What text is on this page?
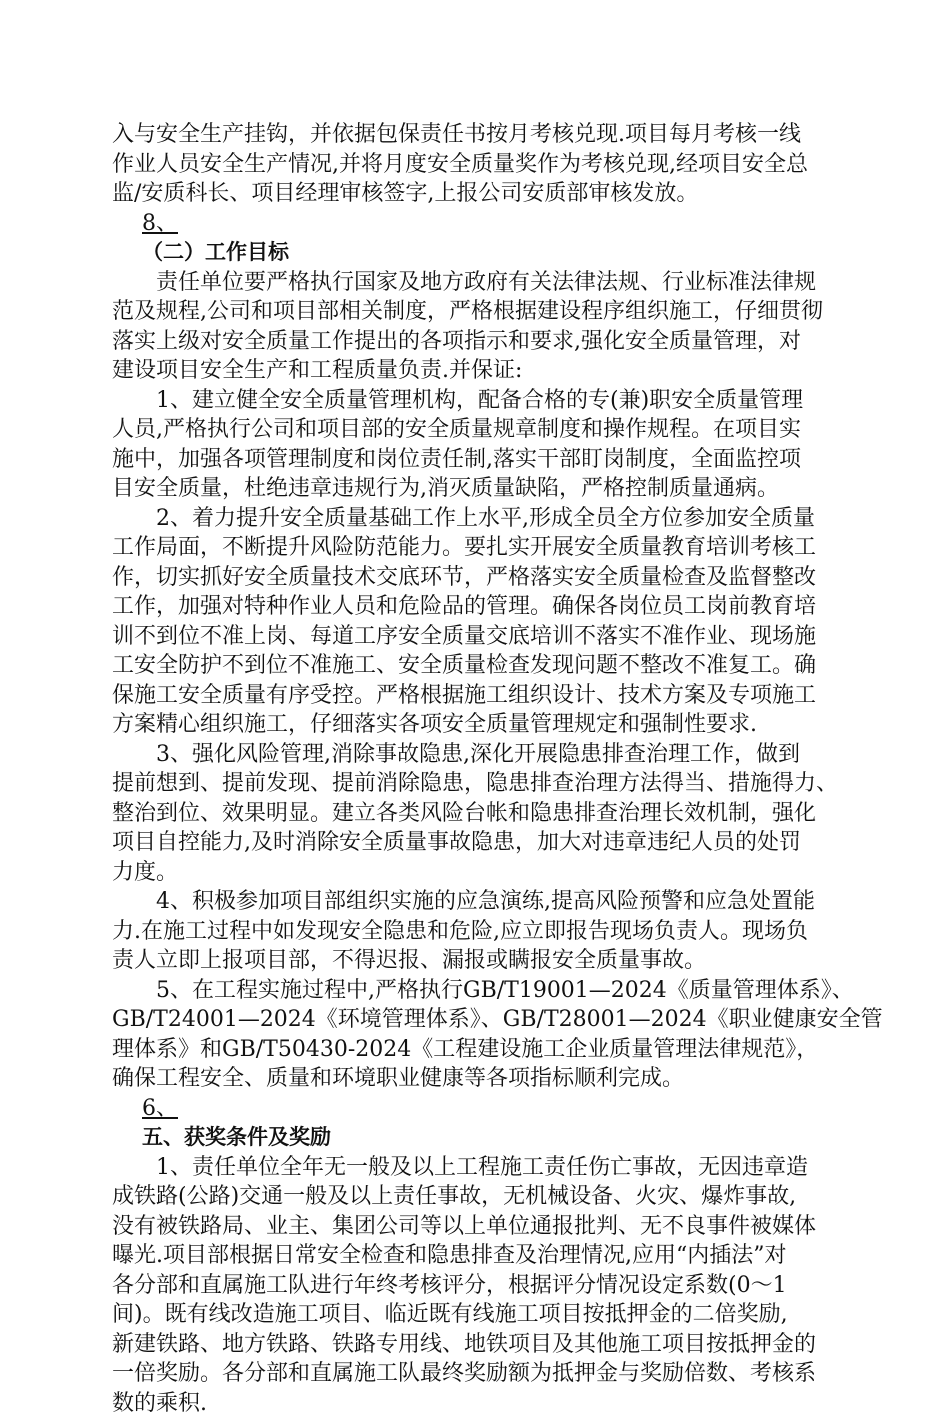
入与安全生产挂钩，并依据包保责任书按月考核兑现.项目每月考核一线
作业人员安全生产情况,并将月度安全质量奖作为考核兑现,经项目安全总
监/安质科长、项目经理审核签字,上报公司安质部审核发放。
8、
（二）工作目标
责任单位要严格执行国家及地方政府有关法律法规、行业标准法律规
范及规程,公司和项目部相关制度，严格根据建设程序组织施工，仔细贯彻
落实上级对安全质量工作提出的各项指示和要求,强化安全质量管理，对
建设项目安全生产和工程质量负责.并保证:
1、建立健全安全质量管理机构，配备合格的专(兼)职安全质量管理
人员,严格执行公司和项目部的安全质量规章制度和操作规程。在项目实
施中，加强各项管理制度和岗位责任制,落实干部盯岗制度，全面监控项
目安全质量，杜绝违章违规行为,消灭质量缺陷，严格控制质量通病。
2、着力提升安全质量基础工作上水平,形成全员全方位参加安全质量
工作局面，不断提升风险防范能力。要扎实开展安全质量教育培训考核工
作，切实抓好安全质量技术交底环节，严格落实安全质量检查及监督整改
工作，加强对特种作业人员和危险品的管理。确保各岗位员工岗前教育培
训不到位不准上岗、每道工序安全质量交底培训不落实不准作业、现场施
工安全防护不到位不准施工、安全质量检查发现问题不整改不准复工。确
保施工安全质量有序受控。严格根据施工组织设计、技术方案及专项施工
方案精心组织施工，仔细落实各项安全质量管理规定和强制性要求.
3、强化风险管理,消除事故隐患,深化开展隐患排查治理工作，做到
提前想到、提前发现、提前消除隐患，隐患排查治理方法得当、措施得力、
整治到位、效果明显。建立各类风险台帐和隐患排查治理长效机制，强化
项目自控能力,及时消除安全质量事故隐患，加大对违章违纪人员的处罚
力度。
4、积极参加项目部组织实施的应急演练,提高风险预警和应急处置能
力.在施工过程中如发现安全隐患和危险,应立即报告现场负责人。现场负
责人立即上报项目部，不得迟报、漏报或瞒报安全质量事故。
5、在工程实施过程中,严格执行GB/T19001—2024《质量管理体系》、
GB/T24001—2024《环境管理体系》、GB/T28001—2024《职业健康安全管
理体系》和GB/T50430-2024《工程建设施工企业质量管理法律规范》，
确保工程安全、质量和环境职业健康等各项指标顺利完成。
6、
五、获奖条件及奖励
1、责任单位全年无一般及以上工程施工责任伤亡事故，无因违章造
成铁路(公路)交通一般及以上责任事故，无机械设备、火灾、爆炸事故,
没有被铁路局、业主、集团公司等以上单位通报批判、无不良事件被媒体
曝光.项目部根据日常安全检查和隐患排查及治理情况,应用“内插法”对
各分部和直属施工队进行年终考核评分，根据评分情况设定系数(0～1
间)。既有线改造施工项目、临近既有线施工项目按抵押金的二倍奖励,
新建铁路、地方铁路、铁路专用线、地铁项目及其他施工项目按抵押金的
一倍奖励。各分部和直属施工队最终奖励额为抵押金与奖励倍数、考核系
数的乘积.
